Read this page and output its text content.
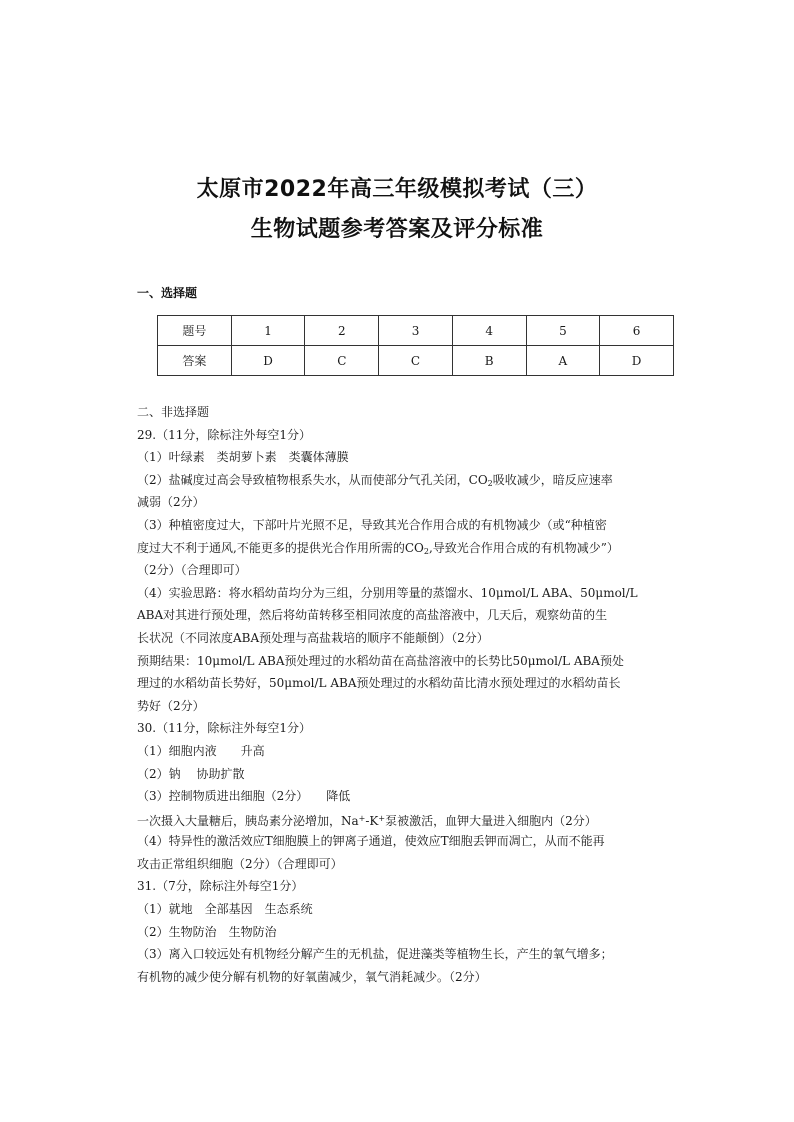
太原市2022年高三年级模拟考试（三）
生物试题参考答案及评分标准
一、选择题
题号	1	2	3	4	5	6
答案	D	C	C	B	A	D
二、非选择题
29.（11分，除标注外每空1分）
（1）叶绿素　类胡萝卜素　类囊体薄膜
（2）盐碱度过高会导致植物根系失水，从而使部分气孔关闭，$CO_2$吸收减少，暗反应速率
减弱（2分）
（3）种植密度过大，下部叶片光照不足，导致其光合作用合成的有机物减少（或“种植密
度过大不利于通风,不能更多的提供光合作用所需的$CO_2$,导致光合作用合成的有机物减少”）
（2分）（合理即可）
（4）实验思路：将水稻幼苗均分为三组，分别用等量的蒸馏水、10μmol/L ABA、50μmol/L
ABA对其进行预处理，然后将幼苗转移至相同浓度的高盐溶液中，几天后，观察幼苗的生
长状况（不同浓度ABA预处理与高盐栽培的顺序不能颠倒）（2分）
预期结果：10μmol/L ABA预处理过的水稻幼苗在高盐溶液中的长势比50μmol/L ABA预处
理过的水稻幼苗长势好，50μmol/L ABA预处理过的水稻幼苗比清水预处理过的水稻幼苗长
势好（2分）
30.（11分，除标注外每空1分）
（1）细胞内液　　升高
（2）钠　 协助扩散
（3）控制物质进出细胞（2分）　　降低
一次摄入大量糖后，胰岛素分泌增加，Na+-K+泵被激活，血钾大量进入细胞内（2分）
（4）特异性的激活效应T细胞膜上的钾离子通道，使效应T细胞丢钾而凋亡，从而不能再
攻击正常组织细胞（2分）（合理即可）
31.（7分，除标注外每空1分）
（1）就地　全部基因　生态系统
（2）生物防治　生物防治
（3）离入口较远处有机物经分解产生的无机盐，促进藻类等植物生长，产生的氧气增多；
有机物的减少使分解有机物的好氧菌减少，氧气消耗减少。（2分）
